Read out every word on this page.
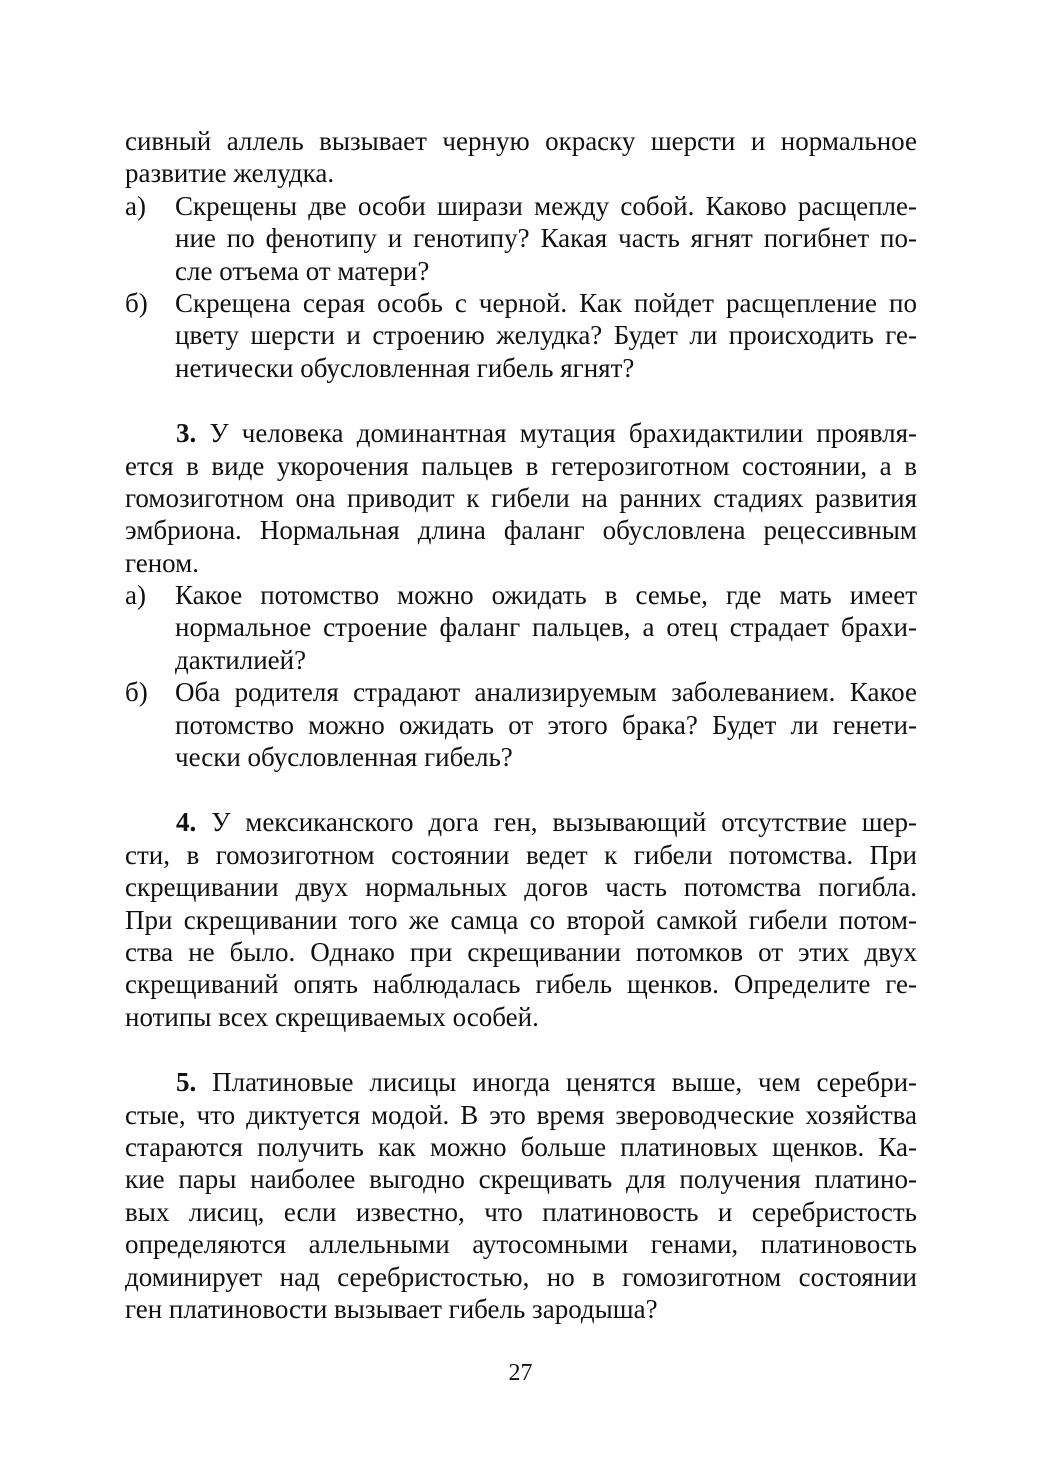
сивный аллель вызывает черную окраску шерсти и нормальное
развитие желудка.
а)	Скрещены две особи ширази между собой. Каково расщепле-
ние по фенотипу и генотипу? Какая часть ягнят погибнет по-
сле отъема от матери?
б)	Скрещена серая особь с черной. Как пойдет расщепление по
цвету шерсти и строению желудка? Будет ли происходить ге-
нетически обусловленная гибель ягнят?
3. У человека доминантная мутация брахидактилии проявля-
ется в виде укорочения пальцев в гетерозиготном состоянии, а в
гомозиготном она приводит к гибели на ранних стадиях развития
эмбриона. Нормальная длина фаланг обусловлена рецессивным
геном.
а)	Какое потомство можно ожидать в семье, где мать имеет
нормальное строение фаланг пальцев, а отец страдает брахи-
дактилией?
б)	Оба родителя страдают анализируемым заболеванием. Какое
потомство можно ожидать от этого брака? Будет ли генети-
чески обусловленная гибель?
4. У мексиканского дога ген, вызывающий отсутствие шер-
сти, в гомозиготном состоянии ведет к гибели потомства. При
скрещивании двух нормальных догов часть потомства погибла.
При скрещивании того же самца со второй самкой гибели потом-
ства не было. Однако при скрещивании потомков от этих двух
скрещиваний опять наблюдалась гибель щенков. Определите ге-
нотипы всех скрещиваемых особей.
5. Платиновые лисицы иногда ценятся выше, чем серебри-
стые, что диктуется модой. В это время звероводческие хозяйства
стараются получить как можно больше платиновых щенков. Ка-
кие пары наиболее выгодно скрещивать для получения платино-
вых лисиц, если известно, что платиновость и серебристость
определяются аллельными аутосомными генами, платиновость
доминирует над серебристостью, но в гомозиготном состоянии
ген платиновости вызывает гибель зародыша?
27
